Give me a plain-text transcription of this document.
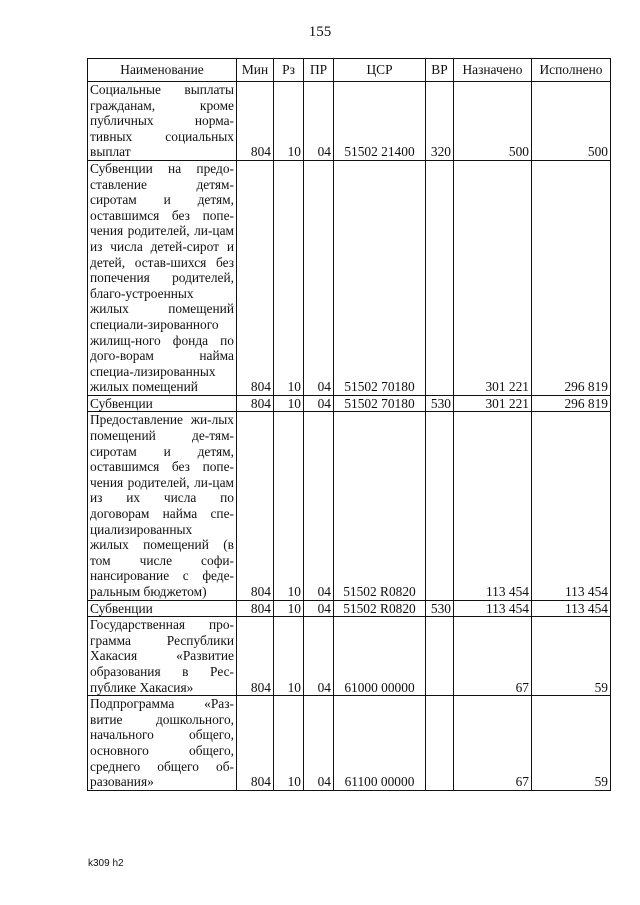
155
Наименование	Мин	Рз	ПР	ЦСР	ВР	Назначено	Исполнено
Социальные выплаты гражданам, кроме публичных норма-тивных социальных выплат	804	10	04	51502 21400	320	500	500
Субвенции на предо-ставление детям-сиротам и детям, оставшимся без попе-чения родителей, ли-цам из числа детей-сирот и детей, остав-шихся без попечения родителей, благо-устроенных жилых помещений специали-зированного жилищ-ного фонда по дого-ворам найма специа-лизированных жилых помещений	804	10	04	51502 70180		301 221	296 819
Субвенции	804	10	04	51502 70180	530	301 221	296 819
Предоставление жи-лых помещений де-тям-сиротам и детям, оставшимся без попе-чения родителей, ли-цам из их числа по договорам найма спе-циализированных жилых помещений (в том числе софи-нансирование с феде-ральным бюджетом)	804	10	04	51502 R0820		113 454	113 454
Субвенции	804	10	04	51502 R0820	530	113 454	113 454
Государственная про-грамма Республики Хакасия «Развитие образования в Рес-публике Хакасия»	804	10	04	61000 00000		67	59
Подпрограмма «Раз-витие дошкольного, начального общего, основного общего, среднего общего об-разования»	804	10	04	61100 00000		67	59
k309 h2
